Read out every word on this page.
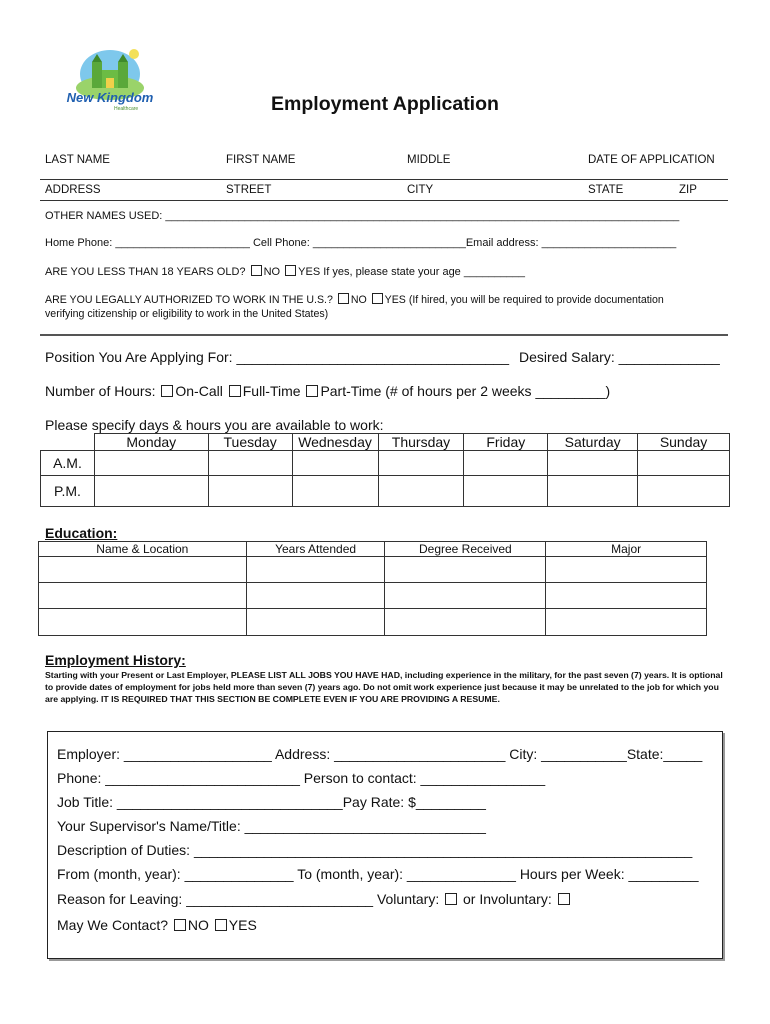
New Kingdom
Healthcare	Employment Application
LAST NAME	FIRST NAME	MIDDLE	DATE OF APPLICATION
ADDRESS	STREET	CITY	STATE	ZIP
OTHER NAMES USED: ____________________________________________________________________________________
Home Phone: ______________________ Cell Phone: _________________________Email address: ______________________
ARE YOU LESS THAN 18 YEARS OLD? NO YES If yes, please state your age __________
ARE YOU LEGALLY AUTHORIZED TO WORK IN THE U.S.? NO YES (If hired, you will be required to provide documentation
verifying citizenship or eligibility to work in the United States)
Position You Are Applying For: ___________________________________ Desired Salary: _____________
Number of Hours: On-Call Full-Time Part-Time (# of hours per 2 weeks _________)
Please specify days & hours you are available to work:
	Monday	Tuesday	Wednesday	Thursday	Friday	Saturday	Sunday
A.M.							
P.M.							
Education:
Name & Location	Years Attended	Degree Received	Major

Employment History:
Starting with your Present or Last Employer, PLEASE LIST ALL JOBS YOU HAVE HAD, including experience in the military, for the past seven (7) years. It is optional to provide dates of employment for jobs held more than seven (7) years ago. Do not omit work experience just because it may be unrelated to the job for which you are applying. IT IS REQUIRED THAT THIS SECTION BE COMPLETE EVEN IF YOU ARE PROVIDING A RESUME.
Employer: ___________________ Address: ______________________ City: ___________State:_____
Phone: _________________________ Person to contact: ________________
Job Title: _____________________________Pay Rate: $_________
Your Supervisor's Name/Title: _______________________________
Description of Duties: ________________________________________________________________
From (month, year): ______________ To (month, year): ______________ Hours per Week: _________
Reason for Leaving: ________________________ Voluntary: or Involuntary:
May We Contact? NO YES
